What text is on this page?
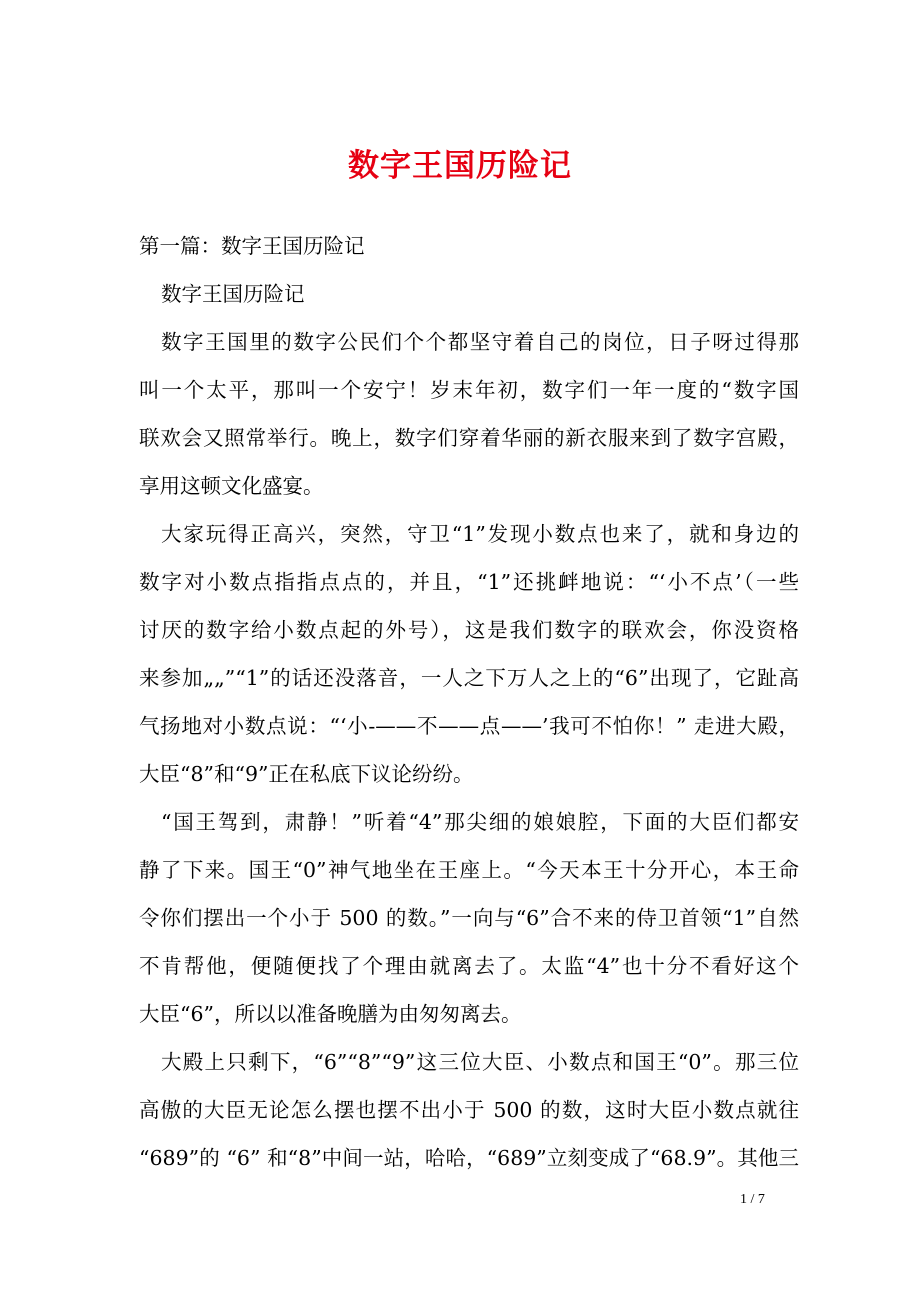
数字王国历险记
第一篇：数字王国历险记
数字王国历险记
数字王国里的数字公民们个个都坚守着自己的岗位，日子呀过得那
叫一个太平，那叫一个安宁！岁末年初，数字们一年一度的“数字国
联欢会又照常举行。晚上，数字们穿着华丽的新衣服来到了数字宫殿，
享用这顿文化盛宴。
大家玩得正高兴，突然，守卫“1”发现小数点也来了，就和身边的
数字对小数点指指点点的，并且，“1”还挑衅地说：“‘小不点’（一些
讨厌的数字给小数点起的外号），这是我们数字的联欢会，你没资格
来参加„„”“1”的话还没落音，一人之下万人之上的“6”出现了，它趾高
气扬地对小数点说：“‘小-——不——点——’我可不怕你！” 走进大殿，
大臣“8”和“9”正在私底下议论纷纷。
“国王驾到，肃静！”听着“4”那尖细的娘娘腔，下面的大臣们都安
静了下来。国王“0”神气地坐在王座上。“今天本王十分开心，本王命
令你们摆出一个小于 500 的数。”一向与“6”合不来的侍卫首领“1”自然
不肯帮他，便随便找了个理由就离去了。太监“4”也十分不看好这个
大臣“6”，所以以准备晚膳为由匆匆离去。
大殿上只剩下，“6”“8”“9”这三位大臣、小数点和国王“0”。那三位
高傲的大臣无论怎么摆也摆不出小于 500 的数，这时大臣小数点就往
“689”的 “6” 和“8”中间一站，哈哈，“689”立刻变成了“68.9”。其他三
1 / 7
